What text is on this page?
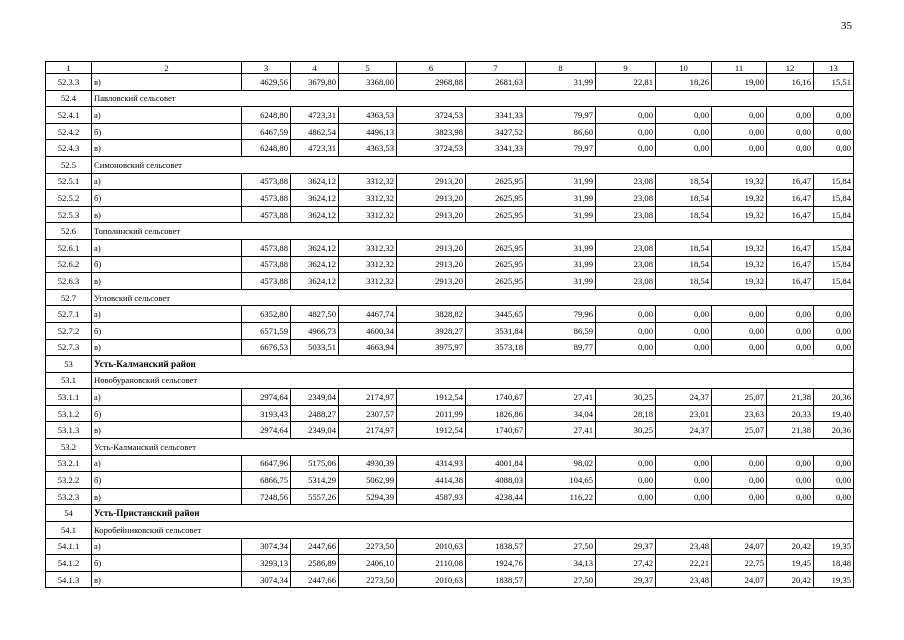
35
1	2	3	4	5	6	7	8	9	10	11	12	13
52.3.3	в)	4629,56	3679,80	3368,00	2968,88	2681,63	31,99	22,81	18,26	19,00	16,16	15,51
52.4	Павловский сельсовет											
52.4.1	а)	6248,80	4723,31	4363,53	3724,53	3341,33	79,97	0,00	0,00	0,00	0,00	0,00
52.4.2	б)	6467,59	4862,54	4496,13	3823,98	3427,52	86,60	0,00	0,00	0,00	0,00	0,00
52.4.3	в)	6248,80	4723,31	4363,53	3724,53	3341,33	79,97	0,00	0,00	0,00	0,00	0,00
52.5	Симоновский сельсовет											
52.5.1	а)	4573,88	3624,12	3312,32	2913,20	2625,95	31,99	23,08	18,54	19,32	16,47	15,84
52.5.2	б)	4573,88	3624,12	3312,32	2913,20	2625,95	31,99	23,08	18,54	19,32	16,47	15,84
52.5.3	в)	4573,88	3624,12	3312,32	2913,20	2625,95	31,99	23,08	18,54	19,32	16,47	15,84
52.6	Тополинский сельсовет											
52.6.1	а)	4573,88	3624,12	3312,32	2913,20	2625,95	31,99	23,08	18,54	19,32	16,47	15,84
52.6.2	б)	4573,88	3624,12	3312,32	2913,20	2625,95	31,99	23,08	18,54	19,32	16,47	15,84
52.6.3	в)	4573,88	3624,12	3312,32	2913,20	2625,95	31,99	23,08	18,54	19,32	16,47	15,84
52.7	Угловский сельсовет											
52.7.1	а)	6352,80	4827,50	4467,74	3828,82	3445,65	79,96	0,00	0,00	0,00	0,00	0,00
52.7.2	б)	6571,59	4966,73	4600,34	3928,27	3531,84	86,59	0,00	0,00	0,00	0,00	0,00
52.7.3	в)	6676,53	5033,51	4663,94	3975,97	3573,18	89,77	0,00	0,00	0,00	0,00	0,00
53	Усть-Калманский район											
53.1	Новобурановский сельсовет											
53.1.1	а)	2974,64	2349,04	2174,97	1912,54	1740,67	27,41	30,25	24,37	25,07	21,38	20,36
53.1.2	б)	3193,43	2488,27	2307,57	2011,99	1826,86	34,04	28,18	23,01	23,63	20,33	19,40
53.1.3	в)	2974,64	2349,04	2174,97	1912,54	1740,67	27,41	30,25	24,37	25,07	21,38	20,36
53.2	Усть-Калманский сельсовет											
53.2.1	а)	6647,96	5175,06	4930,39	4314,93	4001,84	98,02	0,00	0,00	0,00	0,00	0,00
53.2.2	б)	6866,75	5314,29	5062,99	4414,38	4088,03	104,65	0,00	0,00	0,00	0,00	0,00
53.2.3	в)	7248,56	5557,26	5294,39	4587,93	4238,44	116,22	0,00	0,00	0,00	0,00	0,00
54	Усть-Пристанский район											
54.1	Коробейниковский сельсовет											
54.1.1	а)	3074,34	2447,66	2273,50	2010,63	1838,57	27,50	29,37	23,48	24,07	20,42	19,35
54.1.2	б)	3293,13	2586,89	2406,10	2110,08	1924,76	34,13	27,42	22,21	22,75	19,45	18,48
54.1.3	в)	3074,34	2447,66	2273,50	2010,63	1838,57	27,50	29,37	23,48	24,07	20,42	19,35
